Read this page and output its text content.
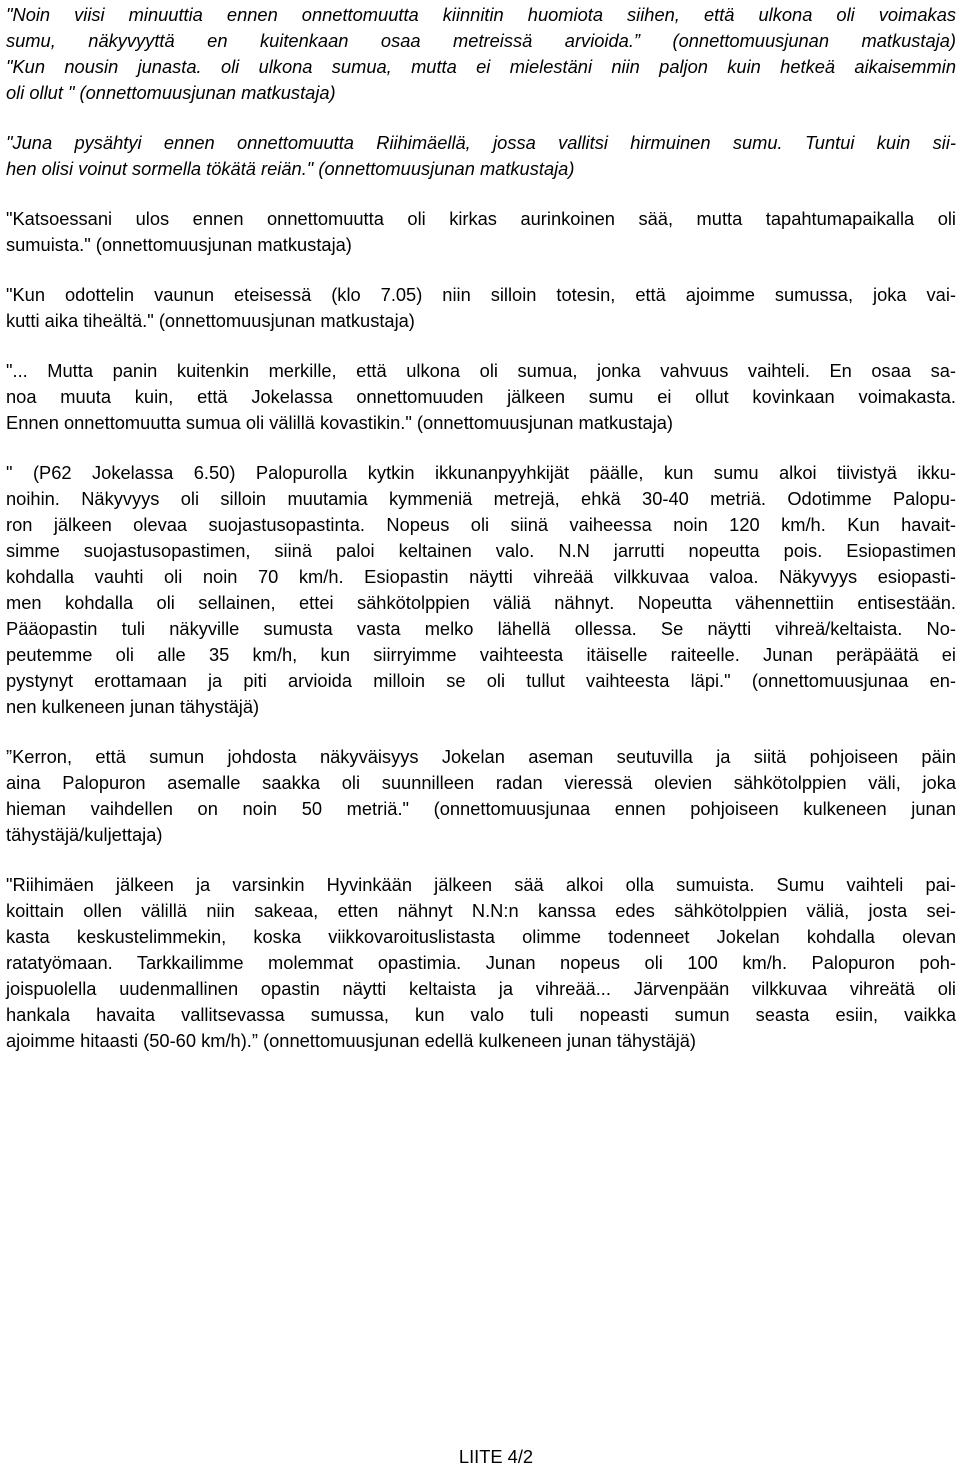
"Noin viisi minuuttia ennen onnettomuutta kiinnitin huomiota siihen, että ulkona oli voimakas
sumu, näkyvyyttä en kuitenkaan osaa metreissä arvioida.” (onnettomuusjunan matkustaja)
"Kun nousin junasta. oli ulkona sumua, mutta ei mielestäni niin paljon kuin hetkeä aikaisemmin
oli ollut " (onnettomuusjunan matkustaja)

"Juna pysähtyi ennen onnettomuutta Riihimäellä, jossa vallitsi hirmuinen sumu. Tuntui kuin sii-
hen olisi voinut sormella tökätä reiän." (onnettomuusjunan matkustaja)

"Katsoessani ulos ennen onnettomuutta oli kirkas aurinkoinen sää, mutta tapahtumapaikalla oli
sumuista." (onnettomuusjunan matkustaja)

"Kun odottelin vaunun eteisessä (klo 7.05) niin silloin totesin, että ajoimme sumussa, joka vai-
kutti aika tiheältä." (onnettomuusjunan matkustaja)

"... Mutta panin kuitenkin merkille, että ulkona oli sumua, jonka vahvuus vaihteli. En osaa sa-
noa muuta kuin, että Jokelassa onnettomuuden jälkeen sumu ei ollut kovinkaan voimakasta.
Ennen onnettomuutta sumua oli välillä kovastikin." (onnettomuusjunan matkustaja)

" (P62 Jokelassa 6.50) Palopurolla kytkin ikkunanpyyhkijät päälle, kun sumu alkoi tiivistyä ikku-
noihin. Näkyvyys oli silloin muutamia kymmeniä metrejä, ehkä 30-40 metriä. Odotimme Palopu-
ron jälkeen olevaa suojastusopastinta. Nopeus oli siinä vaiheessa noin 120 km/h. Kun havait-
simme suojastusopastimen, siinä paloi keltainen valo. N.N jarrutti nopeutta pois. Esiopastimen
kohdalla vauhti oli noin 70 km/h. Esiopastin näytti vihreää vilkkuvaa valoa. Näkyvyys esiopasti-
men kohdalla oli sellainen, ettei sähkötolppien väliä nähnyt. Nopeutta vähennettiin entisestään.
Pääopastin tuli näkyville sumusta vasta melko lähellä ollessa. Se näytti vihreä/keltaista. No-
peutemme oli alle 35 km/h, kun siirryimme vaihteesta itäiselle raiteelle. Junan peräpäätä ei
pystynyt erottamaan ja piti arvioida milloin se oli tullut vaihteesta läpi." (onnettomuusjunaa en-
nen kulkeneen junan tähystäjä)

”Kerron, että sumun johdosta näkyväisyys Jokelan aseman seutuvilla ja siitä pohjoiseen päin
aina Palopuron asemalle saakka oli suunnilleen radan vieressä olevien sähkötolppien väli, joka
hieman vaihdellen on noin 50 metriä." (onnettomuusjunaa ennen pohjoiseen kulkeneen junan
tähystäjä/kuljettaja)

"Riihimäen jälkeen ja varsinkin Hyvinkään jälkeen sää alkoi olla sumuista. Sumu vaihteli pai-
koittain ollen välillä niin sakeaa, etten nähnyt N.N:n kanssa edes sähkötolppien väliä, josta sei-
kasta keskustelimmekin, koska viikkovaroituslistasta olimme todenneet Jokelan kohdalla olevan
ratatyömaan. Tarkkailimme molemmat opastimia. Junan nopeus oli 100 km/h. Palopuron poh-
joispuolella uudenmallinen opastin näytti keltaista ja vihreää... Järvenpään vilkkuvaa vihreätä oli
hankala havaita vallitsevassa sumussa, kun valo tuli nopeasti sumun seasta esiin, vaikka
ajoimme hitaasti (50-60 km/h).” (onnettomuusjunan edellä kulkeneen junan tähystäjä)

LIITE 4/2
